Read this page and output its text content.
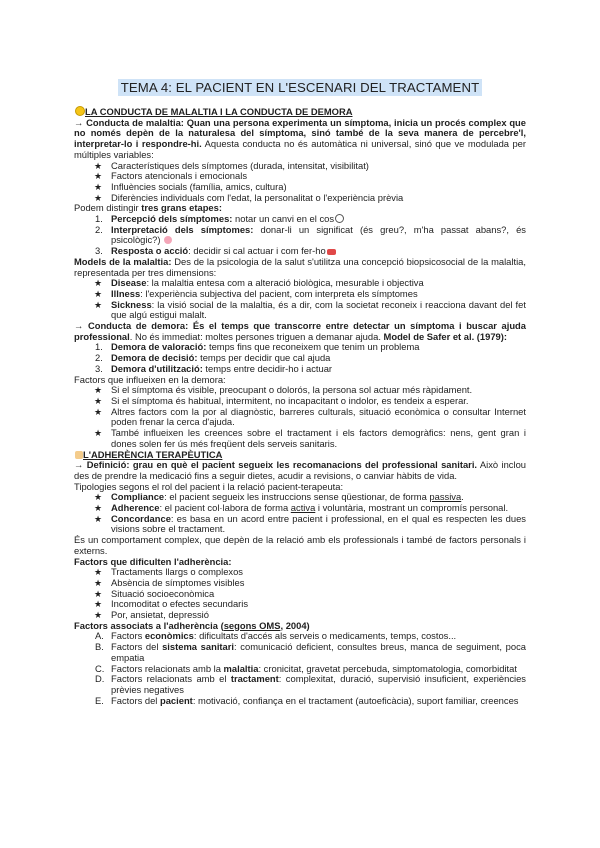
TEMA 4: EL PACIENT EN L'ESCENARI DEL TRACTAMENT
LA CONDUCTA DE MALALTIA I LA CONDUCTA DE DEMORA
→ Conducta de malaltia: Quan una persona experimenta un símptoma, inicia un procés complex que no només depèn de la naturalesa del símptoma, sinó també de la seva manera de percebre'l, interpretar-lo i respondre-hi. Aquesta conducta no és automàtica ni universal, sinó que ve modulada per múltiples variables:
★ Característiques dels símptomes (durada, intensitat, visibilitat)
★ Factors atencionals i emocionals
★ Influències socials (família, amics, cultura)
★ Diferències individuals com l'edat, la personalitat o l'experiència prèvia
Podem distingir tres grans etapes:
1. Percepció dels símptomes: notar un canvi en el cos
2. Interpretació dels símptomes: donar-li un significat (és greu?, m'ha passat abans?, és psicològic?)
3. Resposta o acció: decidir si cal actuar i com fer-ho
Models de la malaltia: Des de la psicologia de la salut s'utilitza una concepció biopsicosocial de la malaltia, representada per tres dimensions:
★ Disease: la malaltia entesa com a alteració biològica, mesurable i objectiva
★ Illness: l'experiència subjectiva del pacient, com interpreta els símptomes
★ Sickness: la visió social de la malaltia, és a dir, com la societat reconeix i reacciona davant del fet que algú estigui malalt.
→ Conducta de demora: És el temps que transcorre entre detectar un símptoma i buscar ajuda professional. No és immediat: moltes persones triguen a demanar ajuda. Model de Safer et al. (1979):
1. Demora de valoració: temps fins que reconeixem que tenim un problema
2. Demora de decisió: temps per decidir que cal ajuda
3. Demora d'utilització: temps entre decidir-ho i actuar
Factors que influeixen en la demora:
★ Si el símptoma és visible, preocupant o dolorós, la persona sol actuar més ràpidament.
★ Si el símptoma és habitual, intermitent, no incapacitant o indolor, es tendeix a esperar.
★ Altres factors com la por al diagnòstic, barreres culturals, situació econòmica o consultar Internet poden frenar la cerca d'ajuda.
★ També influeixen les creences sobre el tractament i els factors demogràfics: nens, gent gran i dones solen fer ús més freqüent dels serveis sanitaris.
L'ADHERÈNCIA TERAPÈUTICA
→ Definició: grau en què el pacient segueix les recomanacions del professional sanitari. Això inclou des de prendre la medicació fins a seguir dietes, acudir a revisions, o canviar hàbits de vida.
Tipologies segons el rol del pacient i la relació pacient-terapeuta:
★ Compliance: el pacient segueix les instruccions sense qüestionar, de forma passiva.
★ Adherence: el pacient col·labora de forma activa i voluntària, mostrant un compromís personal.
★ Concordance: es basa en un acord entre pacient i professional, en el qual es respecten les dues visions sobre el tractament.
És un comportament complex, que depèn de la relació amb els professionals i també de factors personals i externs.
Factors que dificulten l'adherència:
★ Tractaments llargs o complexos
★ Absència de símptomes visibles
★ Situació socioeconòmica
★ Incomoditat o efectes secundaris
★ Por, ansietat, depressió
Factors associats a l'adherència (segons OMS, 2004)
A. Factors econòmics: dificultats d'accés als serveis o medicaments, temps, costos...
B. Factors del sistema sanitari: comunicació deficient, consultes breus, manca de seguiment, poca empatia
C. Factors relacionats amb la malaltia: cronicitat, gravetat percebuda, simptomatologia, comorbiditat
D. Factors relacionats amb el tractament: complexitat, duració, supervisió insuficient, experiències prèvies negatives
E. Factors del pacient: motivació, confiança en el tractament (autoeficàcia), suport familiar, creences
